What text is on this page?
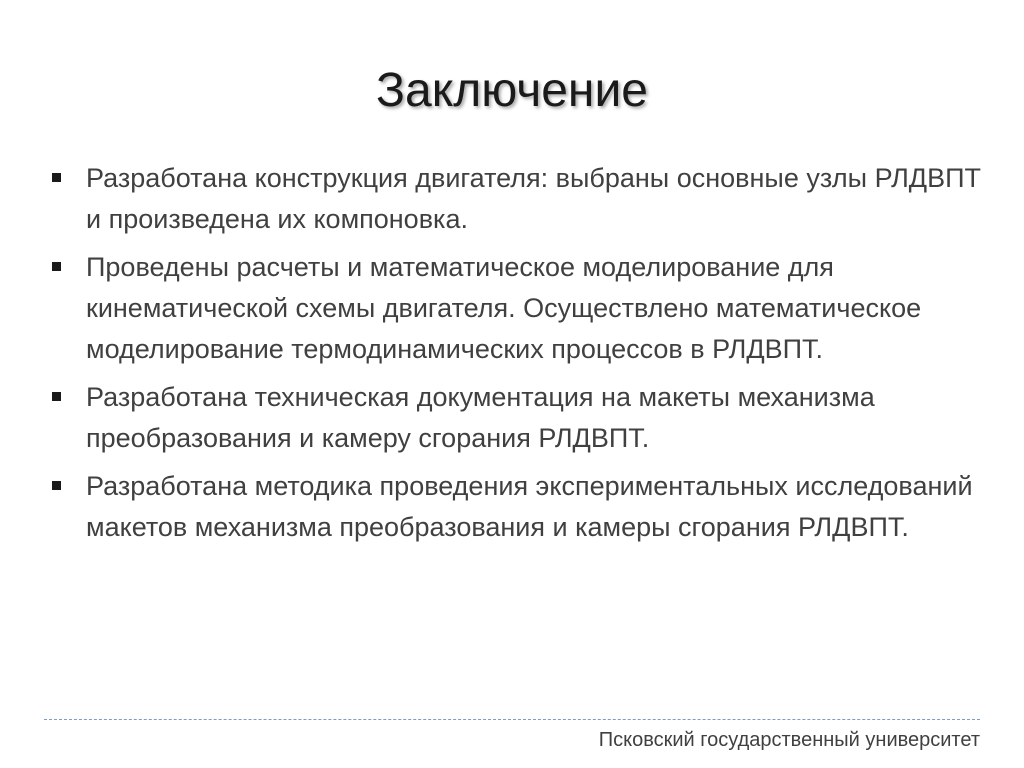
Заключение
Разработана конструкция двигателя: выбраны основные узлы РЛДВПТ и произведена их компоновка.
Проведены расчеты и математическое моделирование для кинематической схемы двигателя. Осуществлено математическое моделирование термодинамических процессов в РЛДВПТ.
Разработана техническая документация на макеты механизма преобразования и камеру сгорания РЛДВПТ.
Разработана методика проведения экспериментальных исследований макетов механизма преобразования и камеры сгорания РЛДВПТ.
Псковский государственный университет
